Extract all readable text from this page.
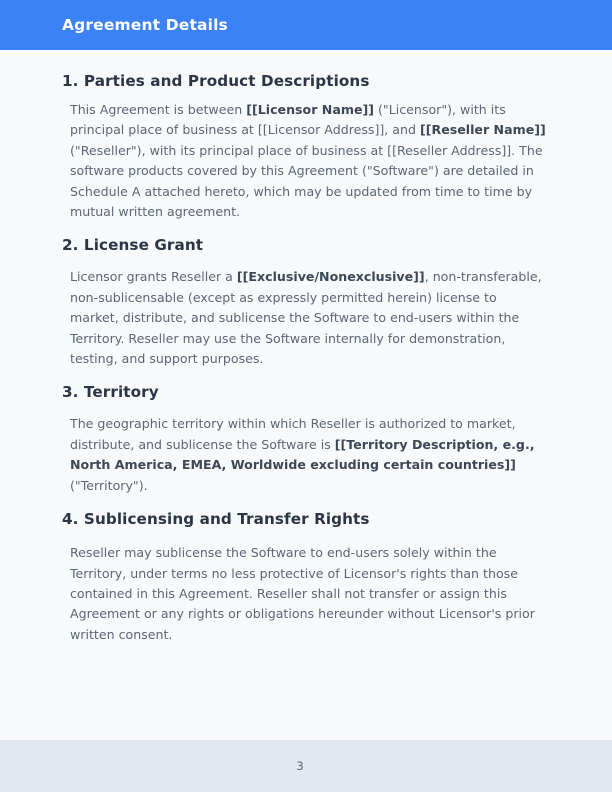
Agreement Details
1. Parties and Product Descriptions

This Agreement is between [[Licensor Name]] ("Licensor"), with its principal place of business at [[Licensor Address]], and [[Reseller Name]] ("Reseller"), with its principal place of business at [[Reseller Address]]. The software products covered by this Agreement ("Software") are detailed in Schedule A attached hereto, which may be updated from time to time by mutual written agreement.

2. License Grant

Licensor grants Reseller a [[Exclusive/Nonexclusive]], non-transferable, non-sublicensable (except as expressly permitted herein) license to market, distribute, and sublicense the Software to end-users within the Territory. Reseller may use the Software internally for demonstration, testing, and support purposes.

3. Territory

The geographic territory within which Reseller is authorized to market, distribute, and sublicense the Software is [[Territory Description, e.g., North America, EMEA, Worldwide excluding certain countries]] ("Territory").

4. Sublicensing and Transfer Rights

Reseller may sublicense the Software to end-users solely within the Territory, under terms no less protective of Licensor's rights than those contained in this Agreement. Reseller shall not transfer or assign this Agreement or any rights or obligations hereunder without Licensor's prior written consent.

3
